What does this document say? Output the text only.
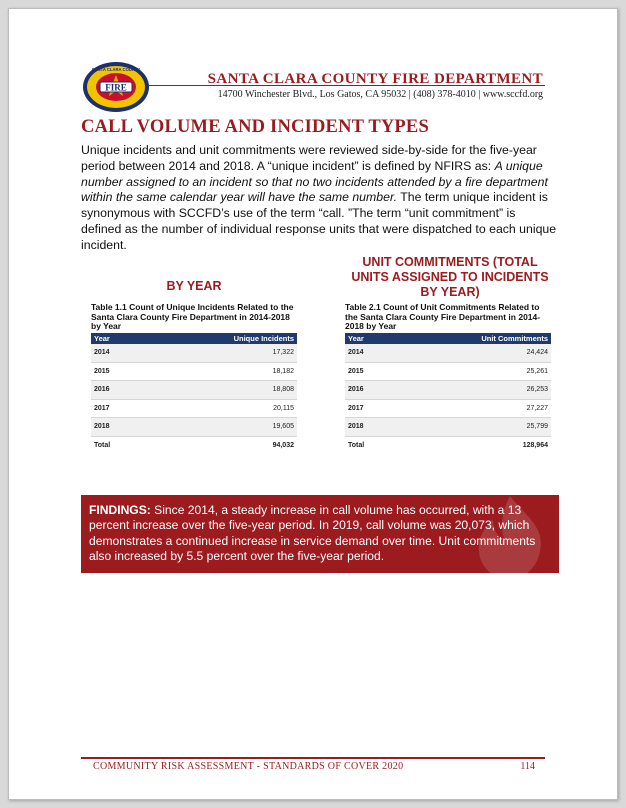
FIRE
SANTA CLARA COUNTY
SANTA CLARA COUNTY FIRE DEPARTMENT
14700 Winchester Blvd., Los Gatos, CA 95032 | (408) 378-4010 | www.sccfd.org
CALL VOLUME AND INCIDENT TYPES
Unique incidents and unit commitments were reviewed side-by-side for the five-year period between 2014 and 2018. A “unique incident” is defined by NFIRS as: A unique number assigned to an incident so that no two incidents attended by a fire department within the same calendar year will have the same number. The term unique incident is synonymous with SCCFD’s use of the term “call. ”The term “unit commitment” is defined as the number of individual response units that were dispatched to each unique incident.
BY YEAR
Table 1.1 Count of Unique Incidents Related to the Santa Clara County Fire Department in 2014-2018 by Year
Year	Unique Incidents
2014	17,322
2015	18,182
2016	18,808
2017	20,115
2018	19,605
Total	94,032
UNIT COMMITMENTS (TOTAL UNITS ASSIGNED TO INCIDENTS BY YEAR)
Table 2.1 Count of Unit Commitments Related to the Santa Clara County Fire Department in 2014-2018 by Year
Year	Unit Commitments
2014	24,424
2015	25,261
2016	26,253
2017	27,227
2018	25,799
Total	128,964
FINDINGS: Since 2014, a steady increase in call volume has occurred, with a 13 percent increase over the five-year period. In 2019, call volume was 20,073, which demonstrates a continued increase in service demand over time. Unit commitments also increased by 5.5 percent over the five-year period.
COMMUNITY RISK ASSESSMENT - STANDARDS OF COVER 2020	114
